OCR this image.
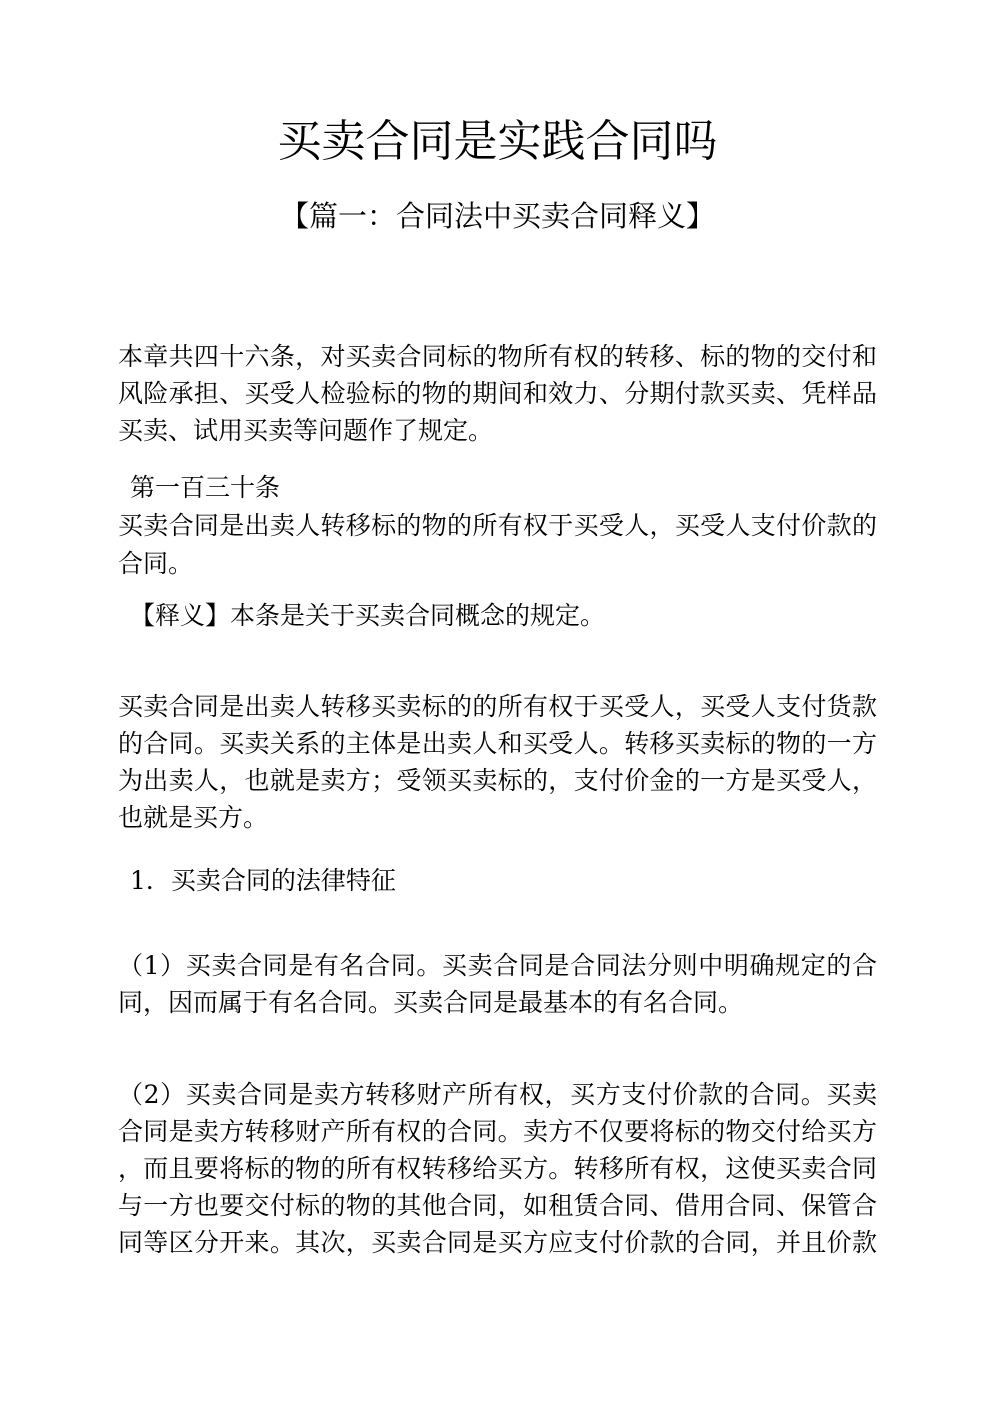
买卖合同是实践合同吗
【篇一：合同法中买卖合同释义】
本章共四十六条，对买卖合同标的物所有权的转移、标的物的交付和
风险承担、买受人检验标的物的期间和效力、分期付款买卖、凭样品
买卖、试用买卖等问题作了规定。
第一百三十条
买卖合同是出卖人转移标的物的所有权于买受人，买受人支付价款的
合同。
【释义】本条是关于买卖合同概念的规定。
买卖合同是出卖人转移买卖标的的所有权于买受人，买受人支付货款
的合同。买卖关系的主体是出卖人和买受人。转移买卖标的物的一方
为出卖人，也就是卖方；受领买卖标的，支付价金的一方是买受人，
也就是买方。
1．买卖合同的法律特征
（1）买卖合同是有名合同。买卖合同是合同法分则中明确规定的合
同，因而属于有名合同。买卖合同是最基本的有名合同。
（2）买卖合同是卖方转移财产所有权，买方支付价款的合同。买卖
合同是卖方转移财产所有权的合同。卖方不仅要将标的物交付给买方
，而且要将标的物的所有权转移给买方。转移所有权，这使买卖合同
与一方也要交付标的物的其他合同，如租赁合同、借用合同、保管合
同等区分开来。其次，买卖合同是买方应支付价款的合同，并且价款
